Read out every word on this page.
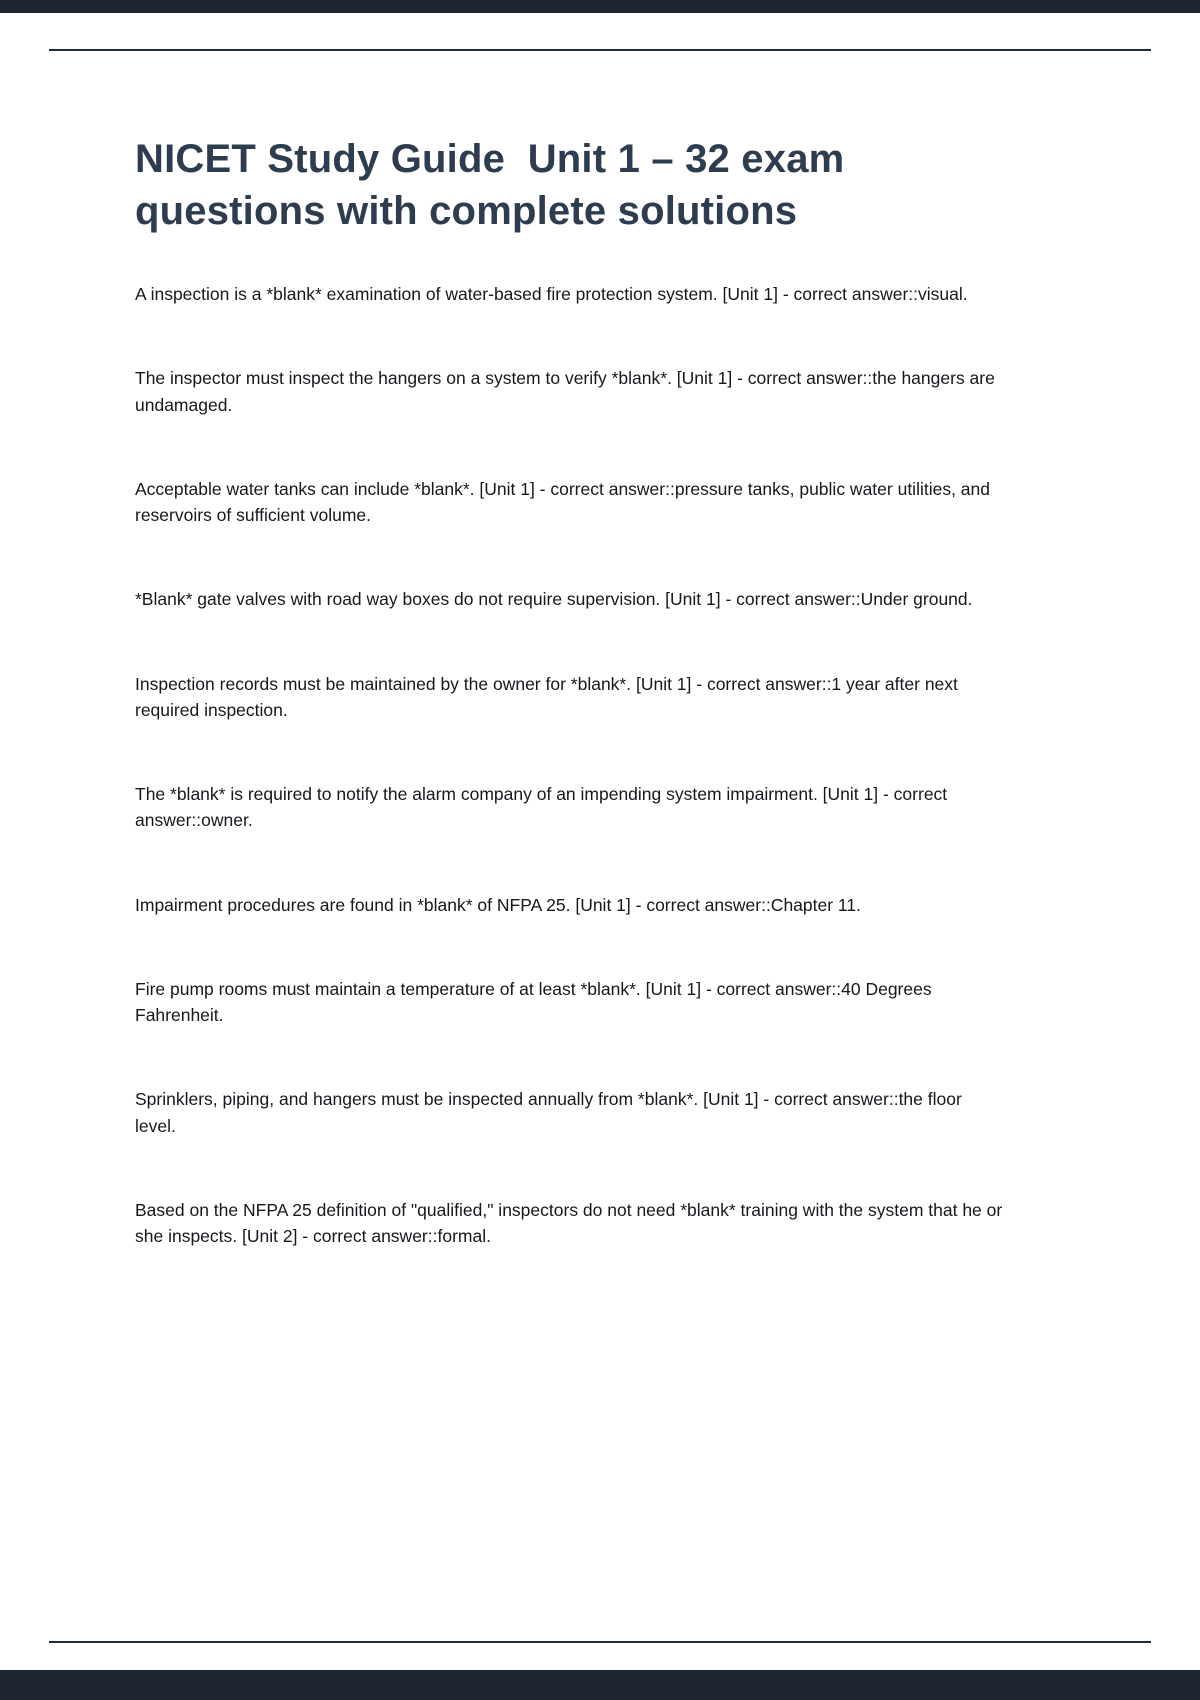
NICET Study Guide  Unit 1 – 32 exam questions with complete solutions

A inspection is a *blank* examination of water-based fire protection system. [Unit 1] - correct answer::visual.

The inspector must inspect the hangers on a system to verify *blank*. [Unit 1] - correct answer::the hangers are undamaged.

Acceptable water tanks can include *blank*. [Unit 1] - correct answer::pressure tanks, public water utilities, and reservoirs of sufficient volume.

*Blank* gate valves with road way boxes do not require supervision. [Unit 1] - correct answer::Under ground.

Inspection records must be maintained by the owner for *blank*. [Unit 1] - correct answer::1 year after next required inspection.

The *blank* is required to notify the alarm company of an impending system impairment. [Unit 1] - correct answer::owner.

Impairment procedures are found in *blank* of NFPA 25. [Unit 1] - correct answer::Chapter 11.

Fire pump rooms must maintain a temperature of at least *blank*. [Unit 1] - correct answer::40 Degrees Fahrenheit.

Sprinklers, piping, and hangers must be inspected annually from *blank*. [Unit 1] - correct answer::the floor level.

Based on the NFPA 25 definition of "qualified," inspectors do not need *blank* training with the system that he or she inspects. [Unit 2] - correct answer::formal.
